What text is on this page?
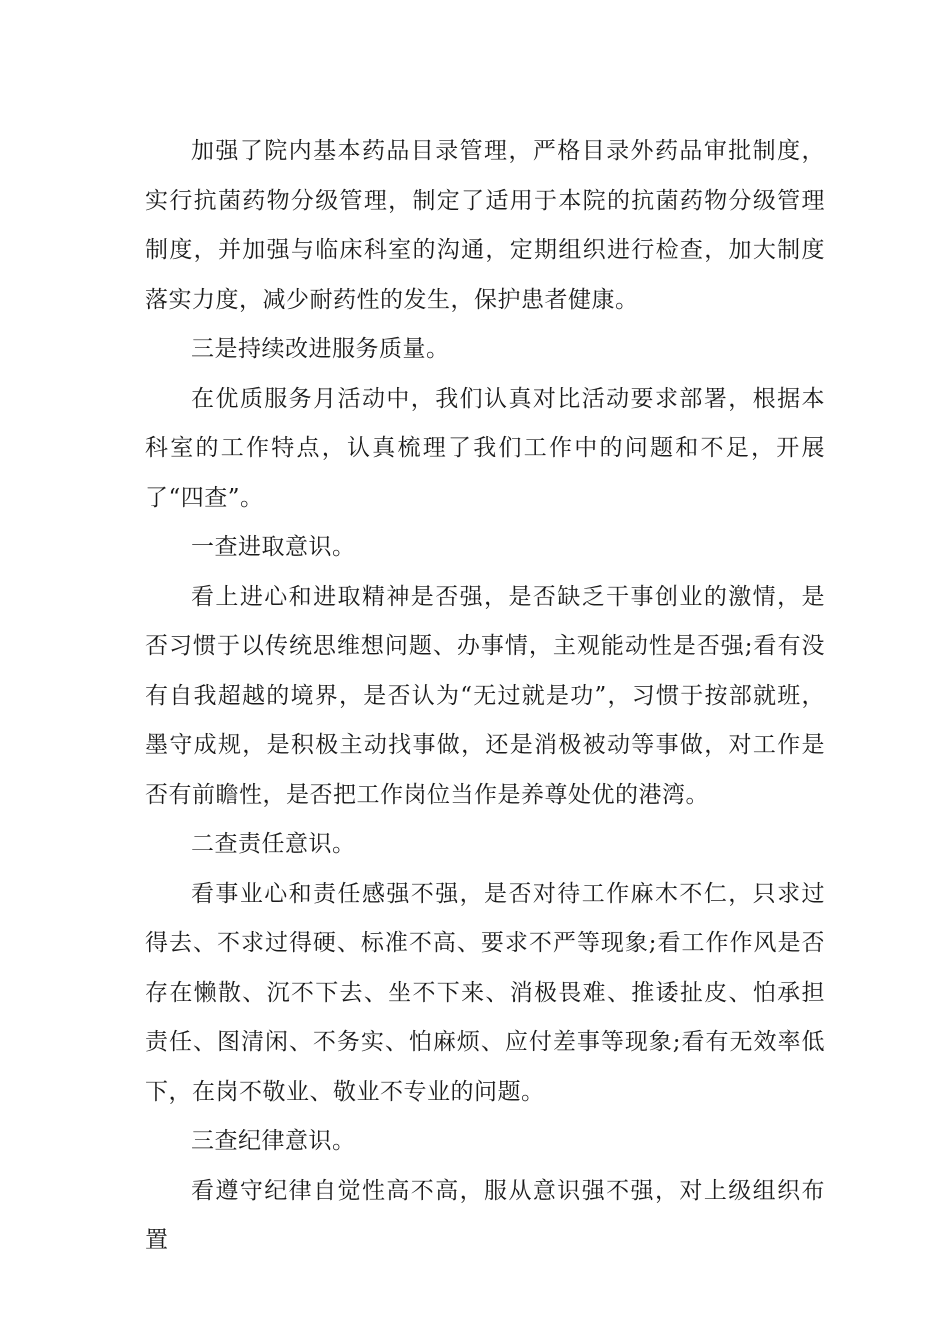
加强了院内基本药品目录管理，严格目录外药品审批制度，实行抗菌药物分级管理，制定了适用于本院的抗菌药物分级管理制度，并加强与临床科室的沟通，定期组织进行检查，加大制度落实力度，减少耐药性的发生，保护患者健康。

三是持续改进服务质量。

在优质服务月活动中，我们认真对比活动要求部署，根据本科室的工作特点，认真梳理了我们工作中的问题和不足，开展了“四查”。

一查进取意识。

看上进心和进取精神是否强，是否缺乏干事创业的激情，是否习惯于以传统思维想问题、办事情，主观能动性是否强;看有没有自我超越的境界，是否认为“无过就是功”，习惯于按部就班，墨守成规，是积极主动找事做，还是消极被动等事做，对工作是否有前瞻性，是否把工作岗位当作是养尊处优的港湾。

二查责任意识。

看事业心和责任感强不强，是否对待工作麻木不仁，只求过得去、不求过得硬、标准不高、要求不严等现象;看工作作风是否存在懒散、沉不下去、坐不下来、消极畏难、推诿扯皮、怕承担责任、图清闲、不务实、怕麻烦、应付差事等现象;看有无效率低下，在岗不敬业、敬业不专业的问题。

三查纪律意识。

看遵守纪律自觉性高不高，服从意识强不强，对上级组织布置
